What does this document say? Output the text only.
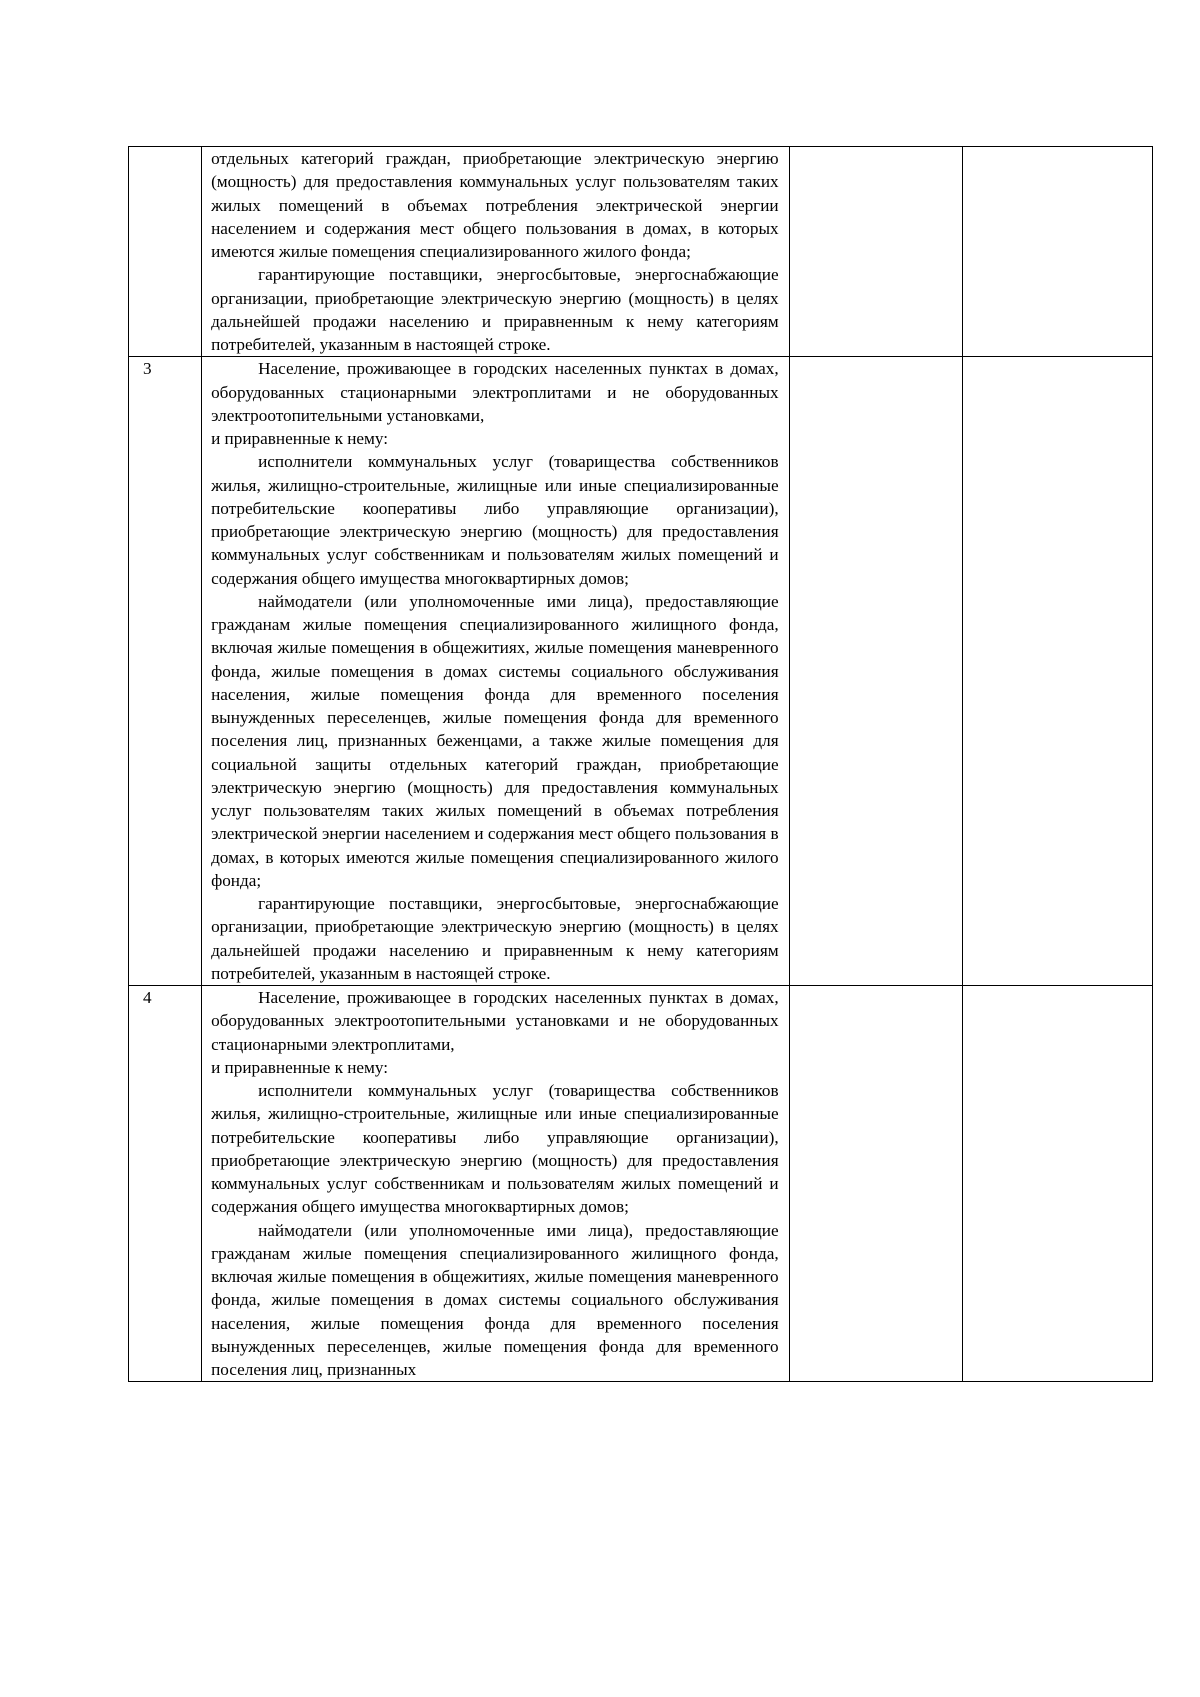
	отдельных категорий граждан, приобретающие электрическую энергию (мощность) для предоставления коммунальных услуг пользователям таких жилых помещений в объемах потребления электрической энергии населением и содержания мест общего пользования в домах, в которых имеются жилые помещения специализированного жилого фонда;

гарантирующие поставщики, энергосбытовые, энергоснабжающие организации, приобретающие электрическую энергию (мощность) в целях дальнейшей продажи населению и приравненным к нему категориям потребителей, указанным в настоящей строке.		

3	Население, проживающее в городских населенных пунктах в домах, оборудованных стационарными электроплитами и не оборудованных электроотопительными установками,

и приравненные к нему:

исполнители коммунальных услуг (товарищества собственников жилья, жилищно-строительные, жилищные или иные специализированные потребительские кооперативы либо управляющие организации), приобретающие электрическую энергию (мощность) для предоставления коммунальных услуг собственникам и пользователям жилых помещений и содержания общего имущества многоквартирных домов;

наймодатели (или уполномоченные ими лица), предоставляющие гражданам жилые помещения специализированного жилищного фонда, включая жилые помещения в общежитиях, жилые помещения маневренного фонда, жилые помещения в домах системы социального обслуживания населения, жилые помещения фонда для временного поселения вынужденных переселенцев, жилые помещения фонда для временного поселения лиц, признанных беженцами, а также жилые помещения для социальной защиты отдельных категорий граждан, приобретающие электрическую энергию (мощность) для предоставления коммунальных услуг пользователям таких жилых помещений в объемах потребления электрической энергии населением и содержания мест общего пользования в домах, в которых имеются жилые помещения специализированного жилого фонда;

гарантирующие поставщики, энергосбытовые, энергоснабжающие организации, приобретающие электрическую энергию (мощность) в целях дальнейшей продажи населению и приравненным к нему категориям потребителей, указанным в настоящей строке.		

4	Население, проживающее в городских населенных пунктах в домах, оборудованных электроотопительными установками и не оборудованных стационарными электроплитами,

и приравненные к нему:

исполнители коммунальных услуг (товарищества собственников жилья, жилищно-строительные, жилищные или иные специализированные потребительские кооперативы либо управляющие организации), приобретающие электрическую энергию (мощность) для предоставления коммунальных услуг собственникам и пользователям жилых помещений и содержания общего имущества многоквартирных домов;

наймодатели (или уполномоченные ими лица), предоставляющие гражданам жилые помещения специализированного жилищного фонда, включая жилые помещения в общежитиях, жилые помещения маневренного фонда, жилые помещения в домах системы социального обслуживания населения, жилые помещения фонда для временного поселения вынужденных переселенцев, жилые помещения фонда для временного поселения лиц, признанных		
